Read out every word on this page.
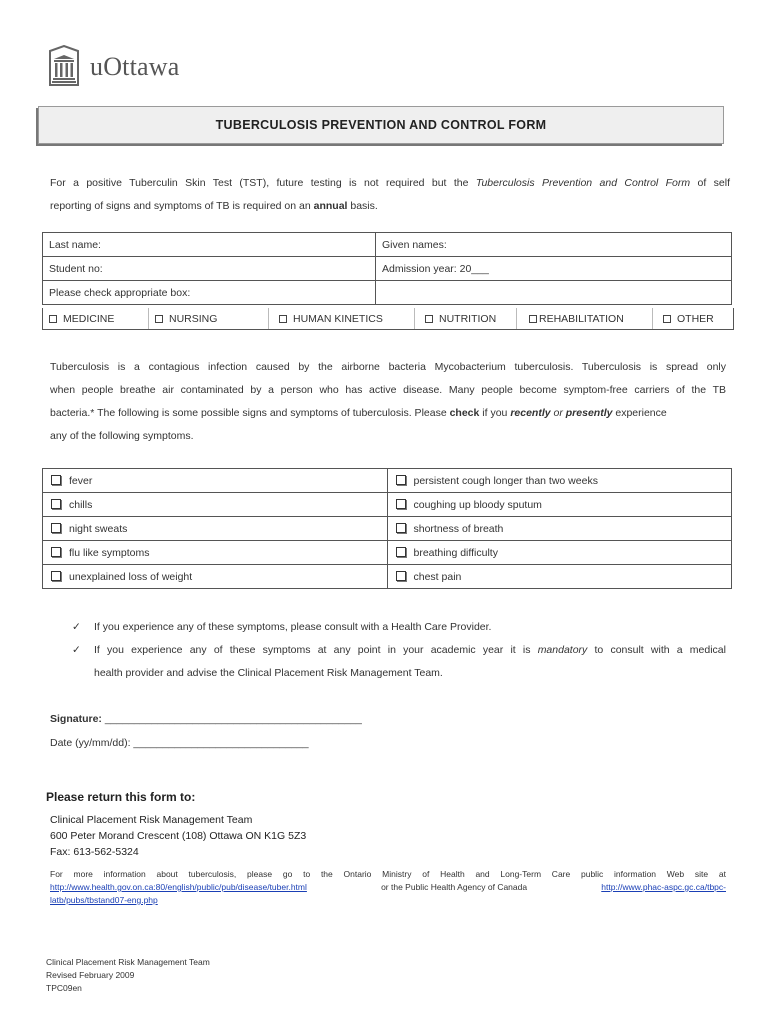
uOttawa
TUBERCULOSIS PREVENTION AND CONTROL FORM
For a positive Tuberculin Skin Test (TST), future testing is not required but the Tuberculosis Prevention and Control Form of self
reporting of signs and symptoms of TB is required on an annual basis.
Last name:	Given names:
Student no:	Admission year: 20___
Please check appropriate box:	
MEDICINE	NURSING	HUMAN KINETICS	NUTRITION	REHABILITATION	OTHER
Tuberculosis is a contagious infection caused by the airborne bacteria Mycobacterium tuberculosis. Tuberculosis is spread only
when people breathe air contaminated by a person who has active disease. Many people become symptom-free carriers of the TB
bacteria.* The following is some possible signs and symptoms of tuberculosis. Please check if you recently or presently experience
any of the following symptoms.
fever	persistent cough longer than two weeks
chills	coughing up bloody sputum
night sweats	shortness of breath
flu like symptoms	breathing difficulty
unexplained loss of weight	chest pain
✓ If you experience any of these symptoms, please consult with a Health Care Provider.
✓	If you experience any of these symptoms at any point in your academic year it is mandatory to consult with a medical
health provider and advise the Clinical Placement Risk Management Team.
Signature: ____________________________________________
Date (yy/mm/dd): ______________________________
Please return this form to:
Clinical Placement Risk Management Team
600 Peter Morand Crescent (108) Ottawa ON K1G 5Z3
Fax: 613-562-5324
For more information about tuberculosis, please go to the Ontario Ministry of Health and Long-Term Care public information Web site at
http://www.health.gov.on.ca:80/english/public/pub/disease/tuber.html	or the Public Health Agency of Canada	http://www.phac-aspc.gc.ca/tbpc-
latb/pubs/tbstand07-eng.php
Clinical Placement Risk Management Team
Revised February 2009
TPC09en
